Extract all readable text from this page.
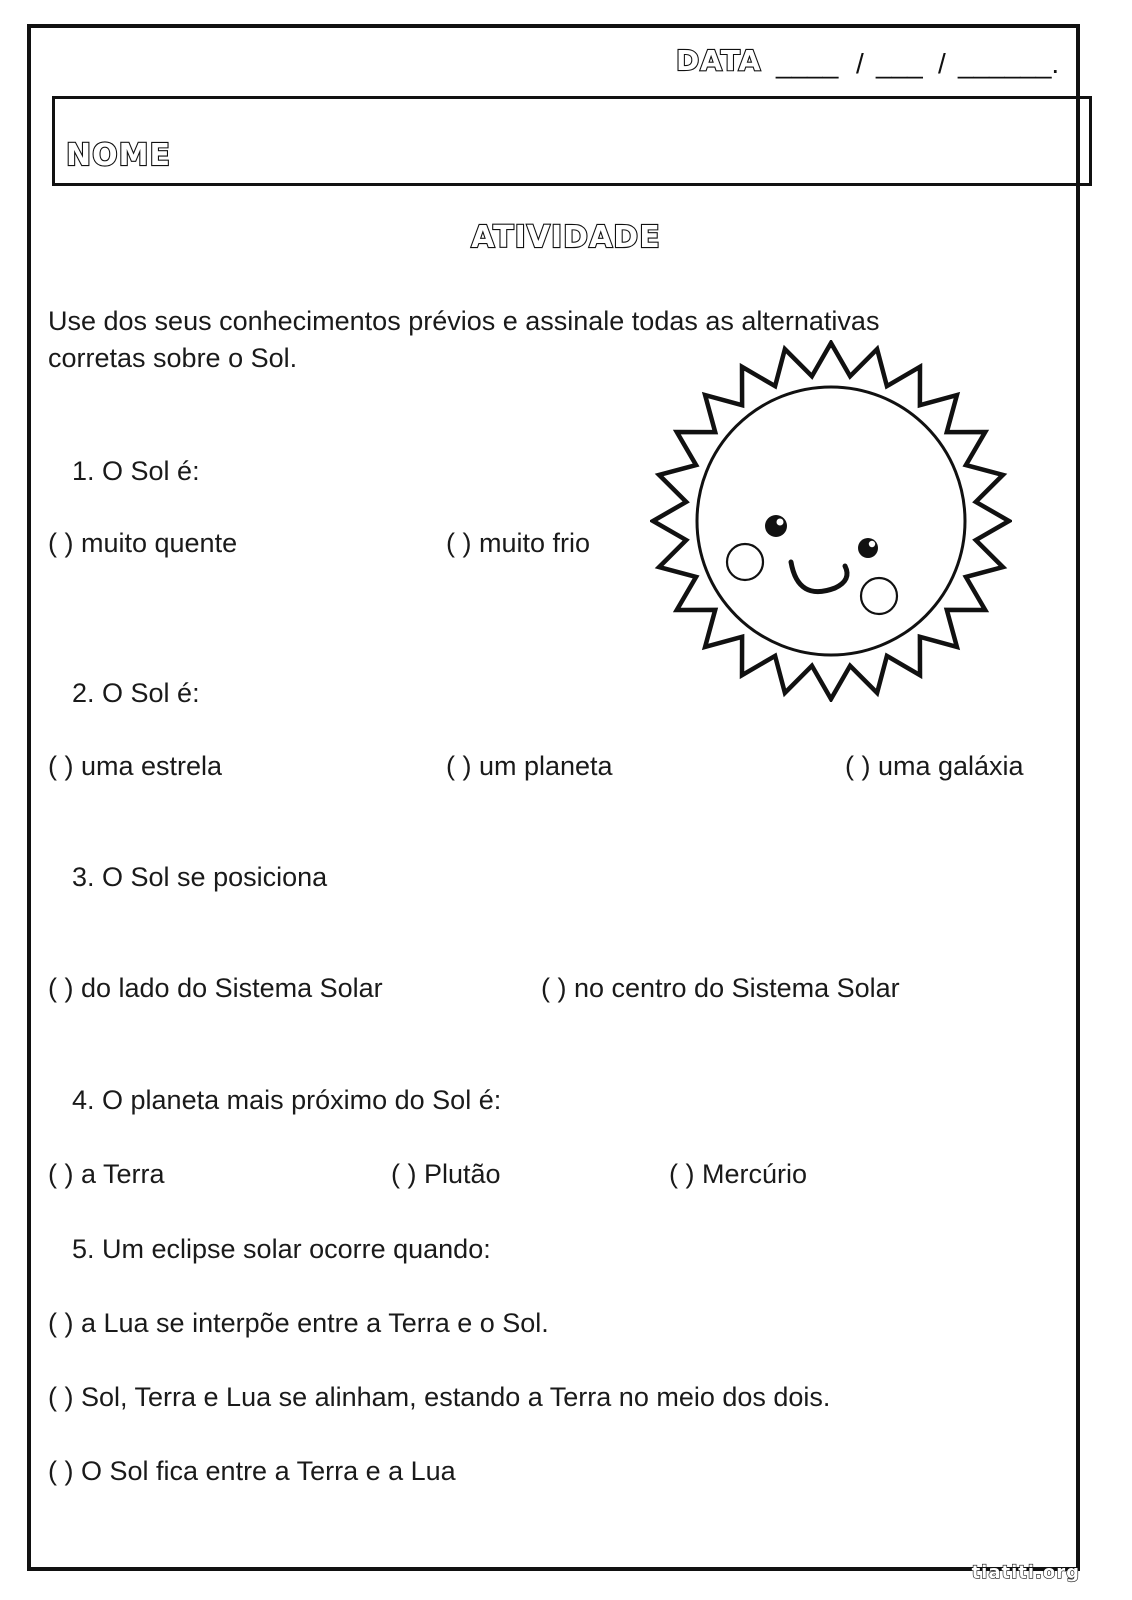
DATA ____ / ___ / ______.
NOME
ATIVIDADE
Use dos seus conhecimentos prévios e assinale todas as alternativas
corretas sobre o Sol.
1. O Sol é:
( ) muito quente	( ) muito frio
2. O Sol é:
( ) uma estrela	( ) um planeta	( ) uma galáxia
3. O Sol se posiciona
( ) do lado do Sistema Solar	( ) no centro do Sistema Solar
4. O planeta mais próximo do Sol é:
( ) a Terra	( ) Plutão	( ) Mercúrio
5. Um eclipse solar ocorre quando:
( ) a Lua se interpõe entre a Terra e o Sol.
( ) Sol, Terra e Lua se alinham, estando a Terra no meio dos dois.
( ) O Sol fica entre a Terra e a Lua
tiatiti.org
